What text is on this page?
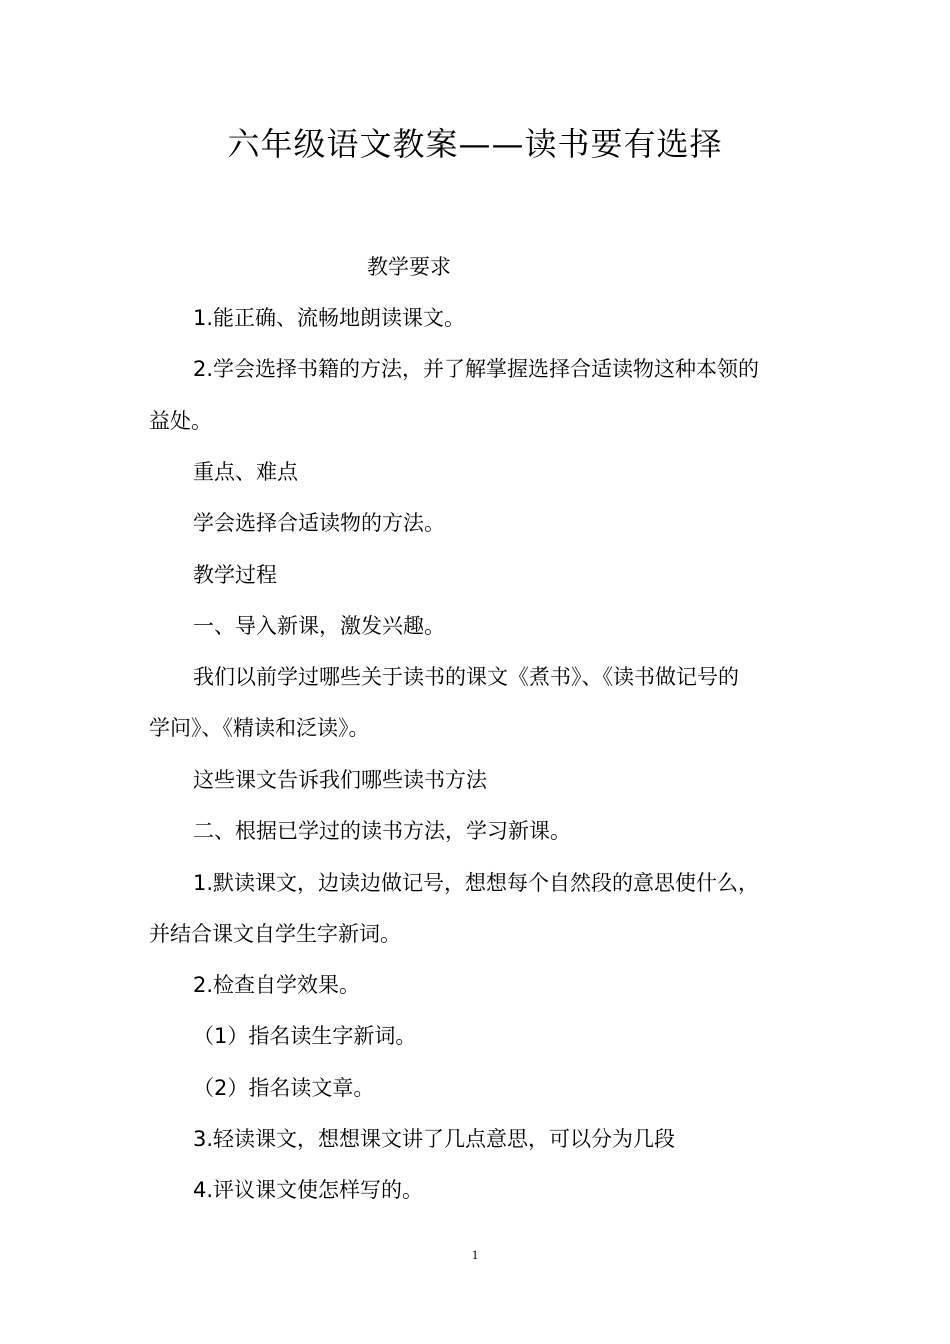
六年级语文教案——读书要有选择
教学要求
1.能正确、流畅地朗读课文。
2.学会选择书籍的方法，并了解掌握选择合适读物这种本领的
益处。
重点、难点
学会选择合适读物的方法。
教学过程
一、导入新课，激发兴趣。
我们以前学过哪些关于读书的课文《煮书》、《读书做记号的
学问》、《精读和泛读》。
这些课文告诉我们哪些读书方法
二、根据已学过的读书方法，学习新课。
1.默读课文，边读边做记号，想想每个自然段的意思使什么，
并结合课文自学生字新词。
2.检查自学效果。
（1）指名读生字新词。
（2）指名读文章。
3.轻读课文，想想课文讲了几点意思，可以分为几段
4.评议课文使怎样写的。
1
